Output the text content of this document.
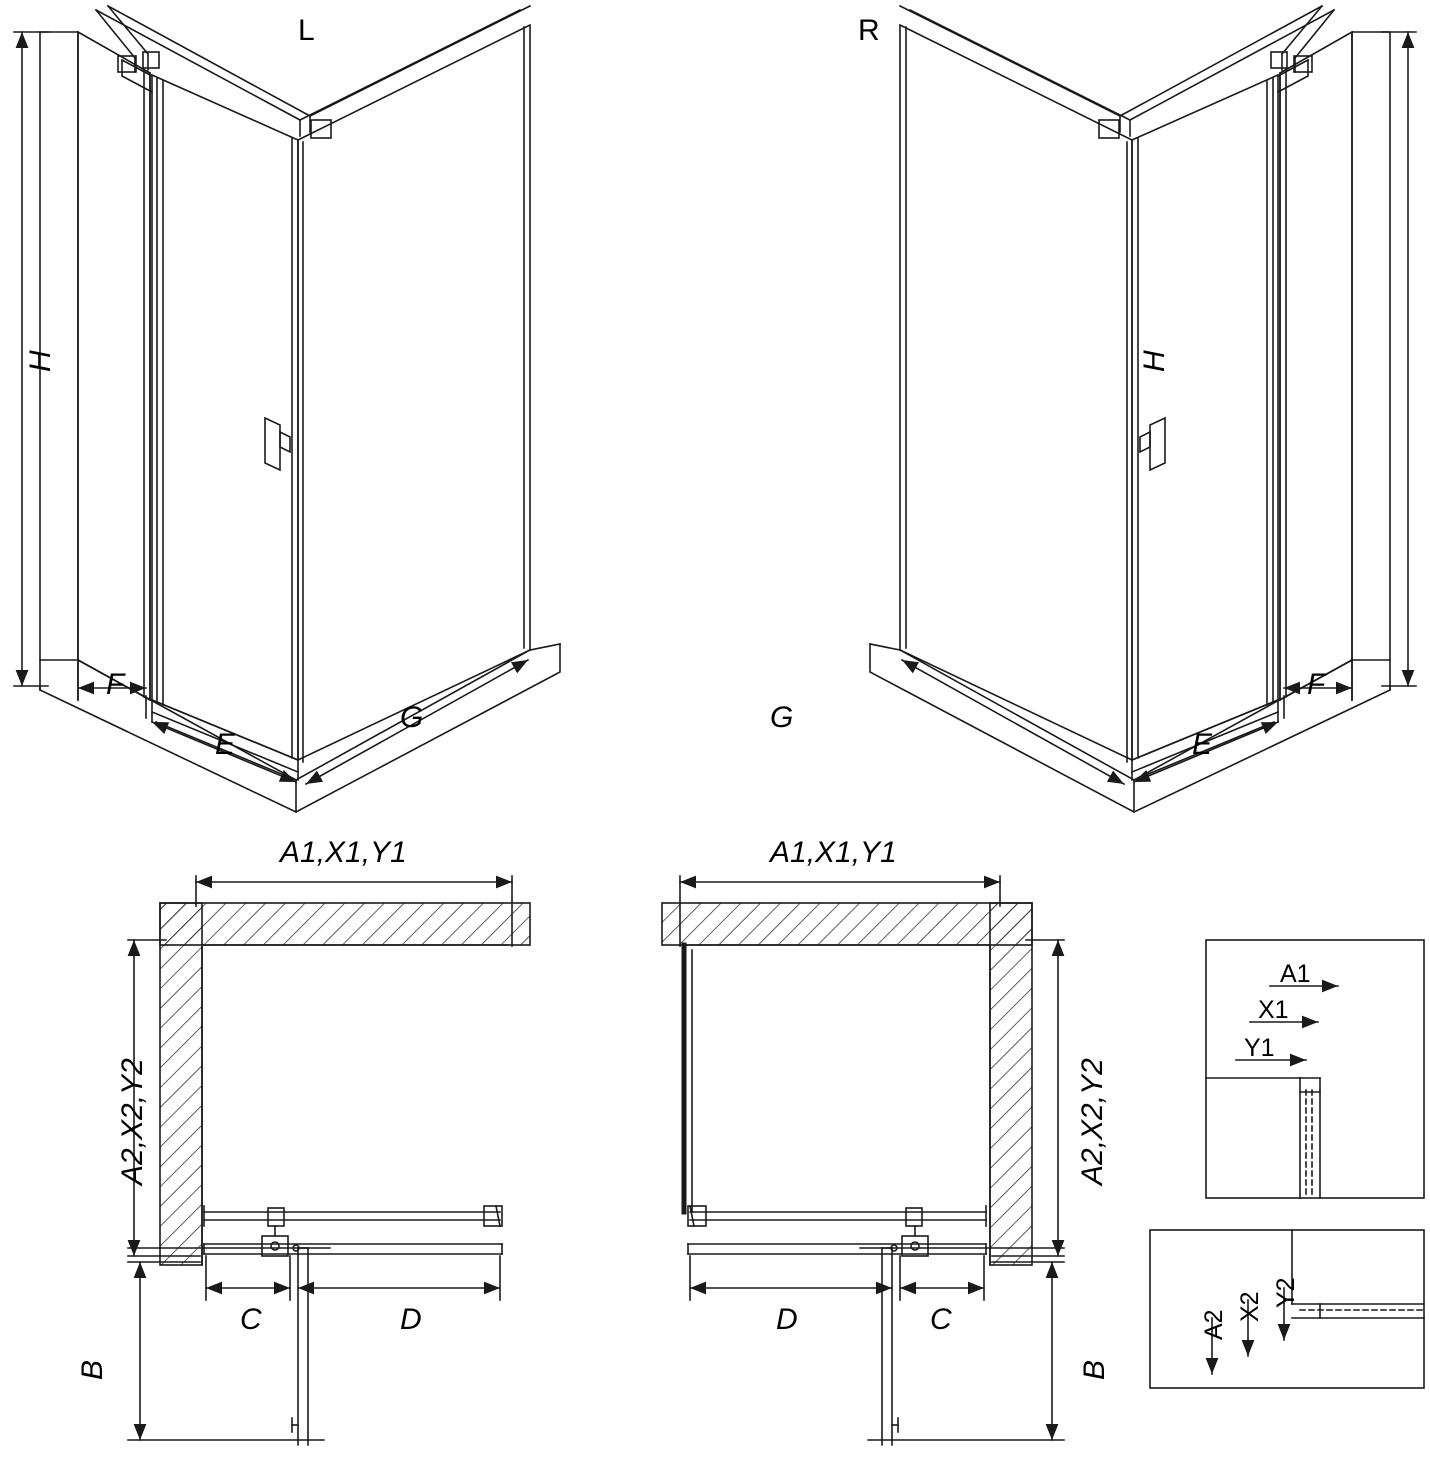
L
H
F
E
G
R
H
F
E
G
A1,X1,Y1
A2,X2,Y2
C	D
B
A1,X1,Y1
A2,X2,Y2
C
D
B
A1
X1
Y1
A2
X2 Y2
